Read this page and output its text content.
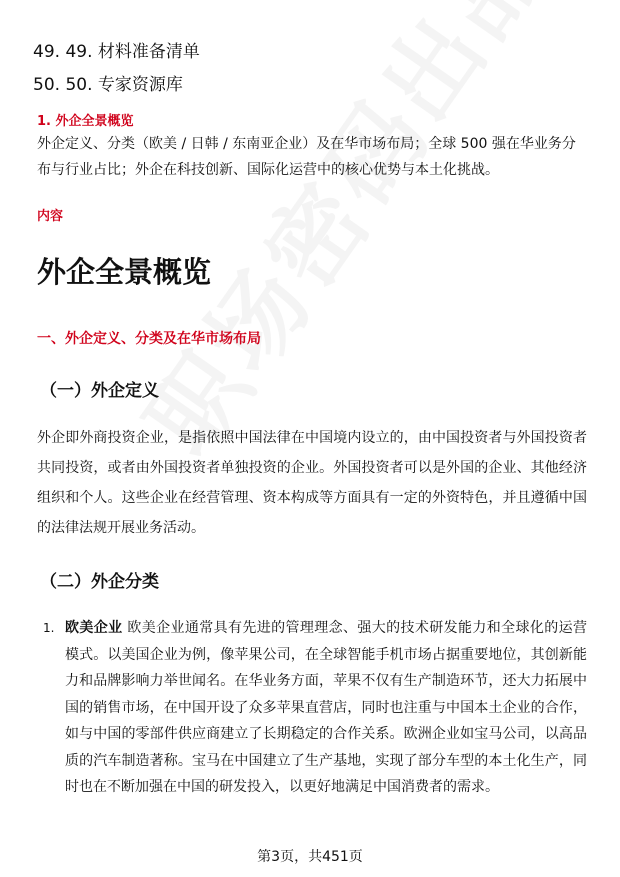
49. 49. 材料准备清单
50. 50. 专家资源库
1. 外企全景概览
外企定义、分类（欧美 / 日韩 / 东南亚企业）及在华市场布局；全球 500 强在华业务分布与行业占比；外企在科技创新、国际化运营中的核心优势与本土化挑战。
内容
外企全景概览
一、外企定义、分类及在华市场布局
（一）外企定义
外企即外商投资企业，是指依照中国法律在中国境内设立的，由中国投资者与外国投资者共同投资，或者由外国投资者单独投资的企业。外国投资者可以是外国的企业、其他经济组织和个人。这些企业在经营管理、资本构成等方面具有一定的外资特色，并且遵循中国的法律法规开展业务活动。
（二）外企分类
1. 欧美企业 欧美企业通常具有先进的管理理念、强大的技术研发能力和全球化的运营模式。以美国企业为例，像苹果公司，在全球智能手机市场占据重要地位，其创新能力和品牌影响力举世闻名。在华业务方面，苹果不仅有生产制造环节，还大力拓展中国的销售市场，在中国开设了众多苹果直营店，同时也注重与中国本土企业的合作，如与中国的零部件供应商建立了长期稳定的合作关系。欧洲企业如宝马公司，以高品质的汽车制造著称。宝马在中国建立了生产基地，实现了部分车型的本土化生产，同时也在不断加强在中国的研发投入，以更好地满足中国消费者的需求。
第3页，共451页
